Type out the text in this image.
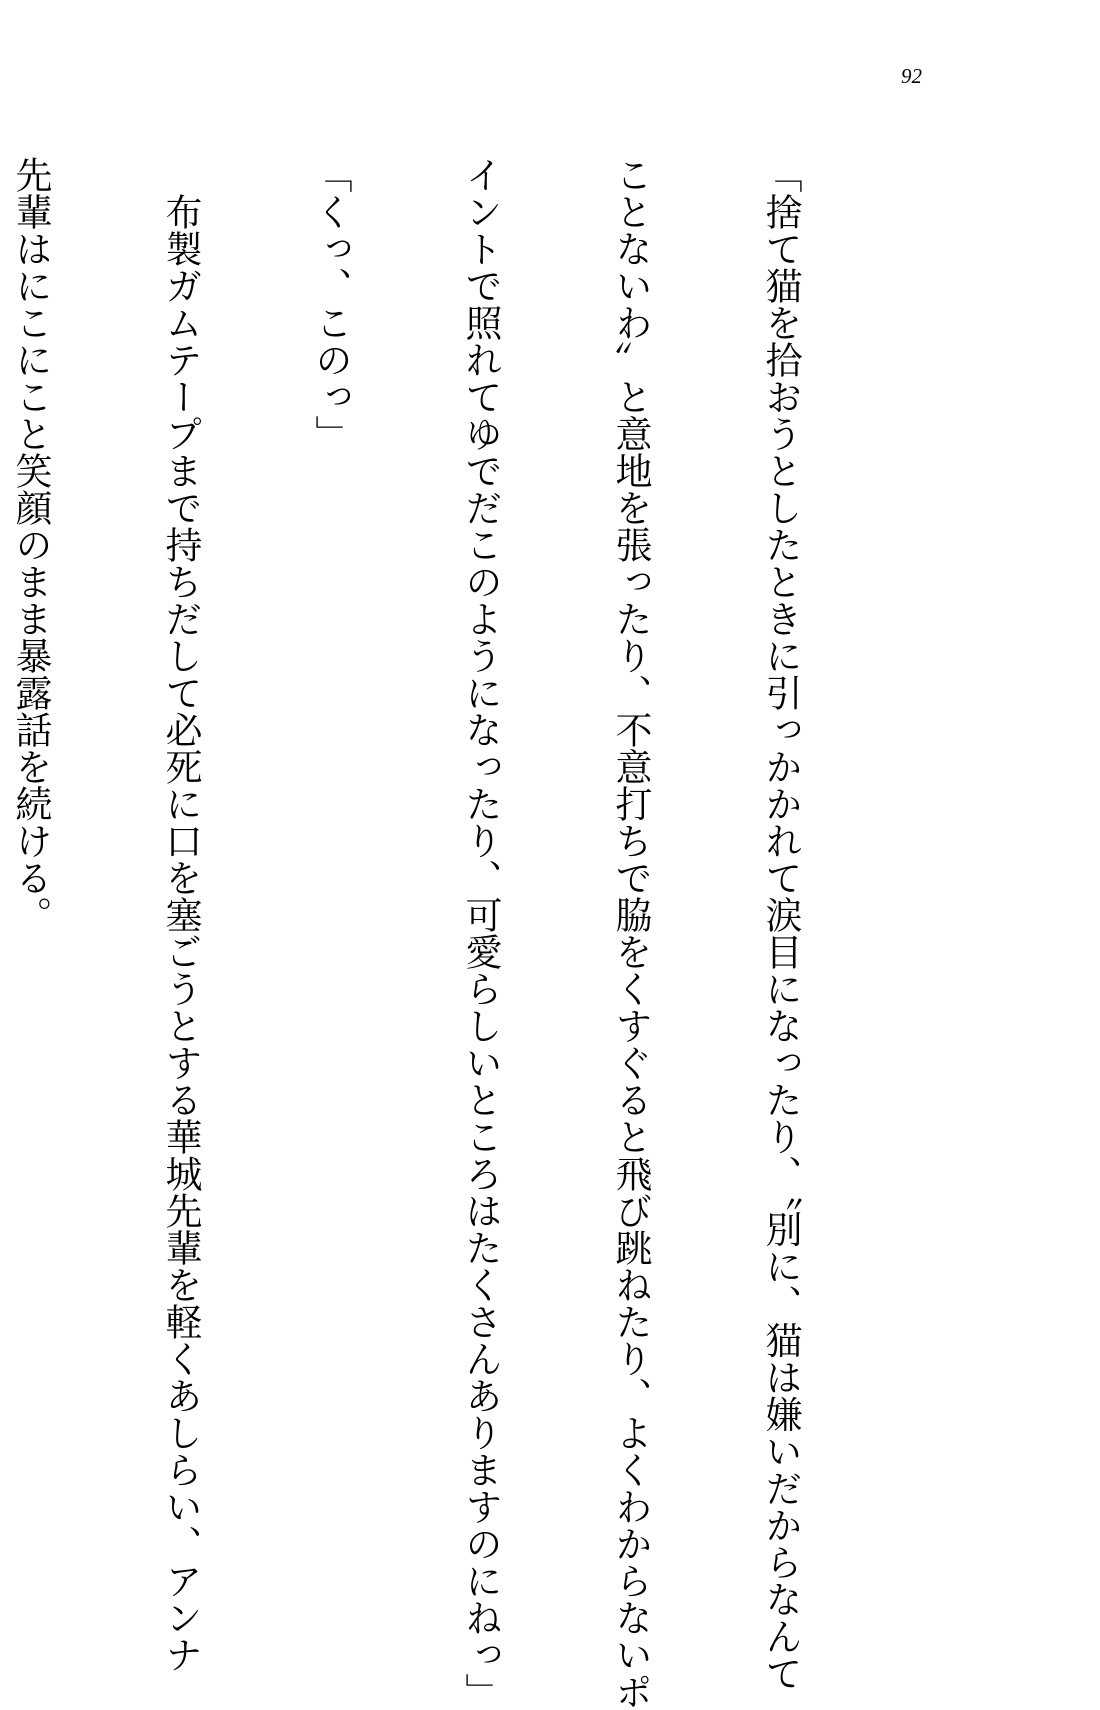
92

「捨て猫を拾おうとしたときに引っかかれて涙目になったり、〝別に、猫は嫌いだからなんて

ことないわ〟と意地を張ったり、不意打ちで脇をくすぐると飛び跳ねたり、よくわからないポ

イントで照れてゆでだこのようになったり、可愛らしいところはたくさんありますのにねっ」

「くっ、このっ」

　布製ガムテープまで持ちだして必死に口を塞ごうとする華城先輩を軽くあしらい、アンナ

先輩はにこにこと笑顔のまま暴露話を続ける。
